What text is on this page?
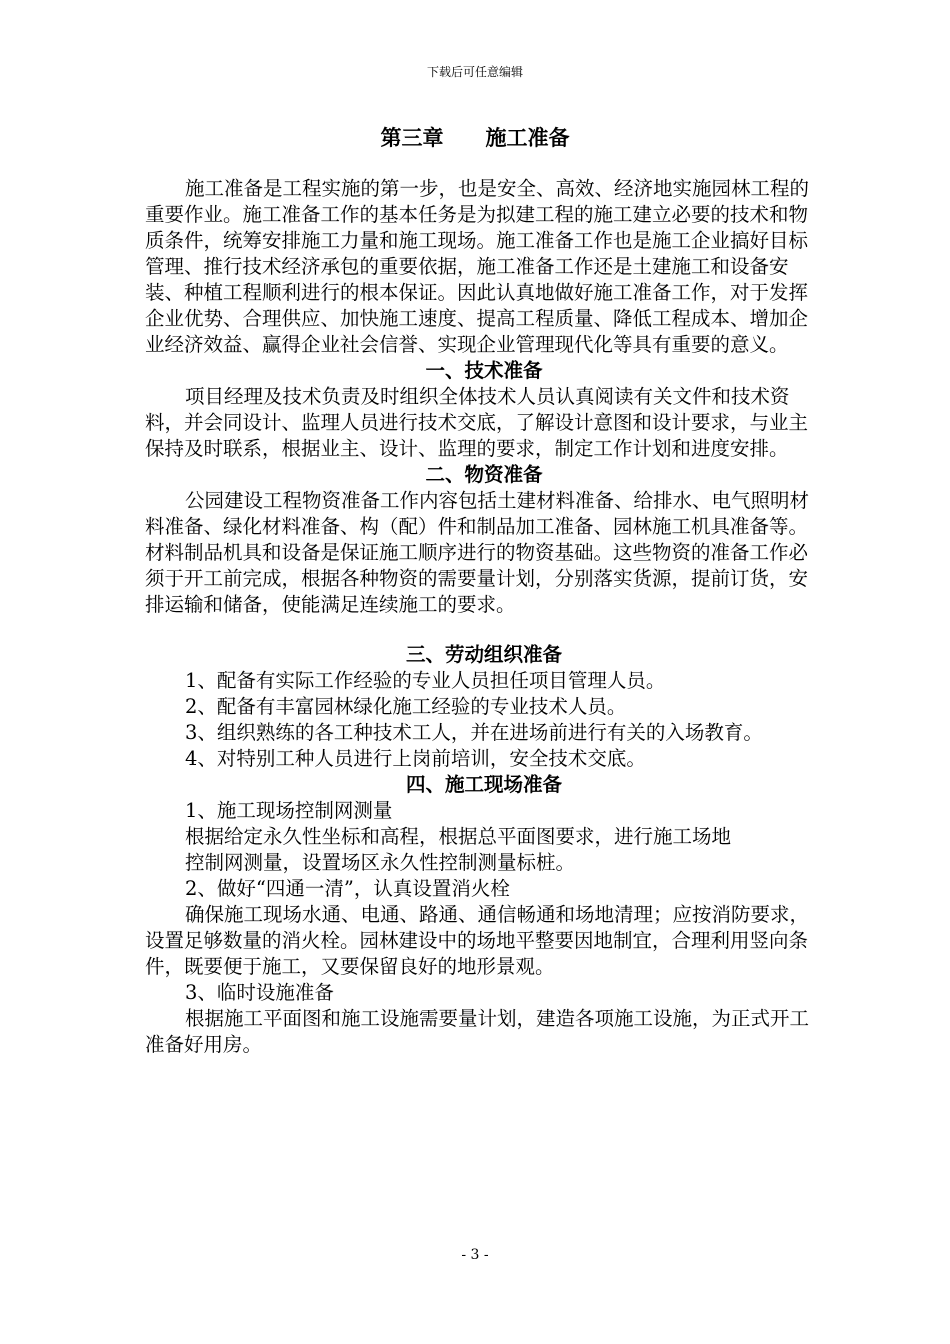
下载后可任意编辑
第三章　　施工准备

施工准备是工程实施的第一步，也是安全、高效、经济地实施园林工程的重要作业。施工准备工作的基本任务是为拟建工程的施工建立必要的技术和物质条件，统筹安排施工力量和施工现场。施工准备工作也是施工企业搞好目标管理、推行技术经济承包的重要依据，施工准备工作还是土建施工和设备安装、种植工程顺利进行的根本保证。因此认真地做好施工准备工作，对于发挥企业优势、合理供应、加快施工速度、提高工程质量、降低工程成本、增加企业经济效益、赢得企业社会信誉、实现企业管理现代化等具有重要的意义。

一、技术准备

项目经理及技术负责及时组织全体技术人员认真阅读有关文件和技术资料，并会同设计、监理人员进行技术交底，了解设计意图和设计要求，与业主保持及时联系，根据业主、设计、监理的要求，制定工作计划和进度安排。

二、物资准备

公园建设工程物资准备工作内容包括土建材料准备、给排水、电气照明材料准备、绿化材料准备、构（配）件和制品加工准备、园林施工机具准备等。材料制品机具和设备是保证施工顺序进行的物资基础。这些物资的准备工作必须于开工前完成，根据各种物资的需要量计划，分别落实货源，提前订货，安排运输和储备，使能满足连续施工的要求。

三、劳动组织准备

1、配备有实际工作经验的专业人员担任项目管理人员。

2、配备有丰富园林绿化施工经验的专业技术人员。

3、组织熟练的各工种技术工人，并在进场前进行有关的入场教育。

4、对特别工种人员进行上岗前培训，安全技术交底。

四、施工现场准备

1、施工现场控制网测量

根据给定永久性坐标和高程，根据总平面图要求，进行施工场地

控制网测量，设置场区永久性控制测量标桩。

2、做好“四通一清”，认真设置消火栓

确保施工现场水通、电通、路通、通信畅通和场地清理；应按消防要求，设置足够数量的消火栓。园林建设中的场地平整要因地制宜，合理利用竖向条件，既要便于施工，又要保留良好的地形景观。

3、临时设施准备

根据施工平面图和施工设施需要量计划，建造各项施工设施，为正式开工准备好用房。

- 3 -
